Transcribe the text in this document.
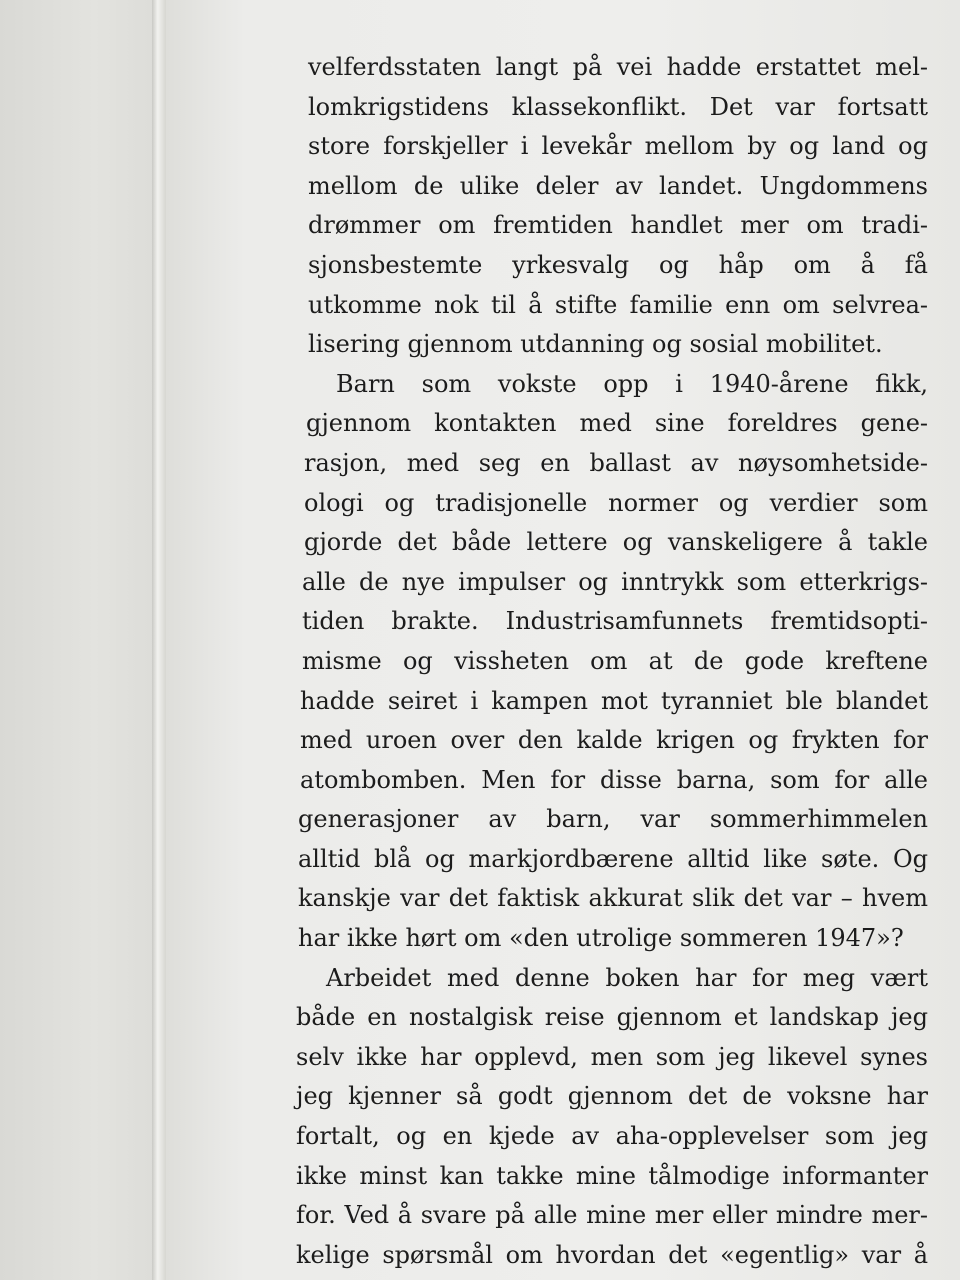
velferdsstaten langt på vei hadde erstattet mel-
lomkrigstidens klassekonflikt. Det var fortsatt
store forskjeller i levekår mellom by og land og
mellom de ulike deler av landet. Ungdommens
drømmer om fremtiden handlet mer om tradi-
sjonsbestemte yrkesvalg og håp om å få
utkomme nok til å stifte familie enn om selvrea-
lisering gjennom utdanning og sosial mobilitet.
Barn som vokste opp i 1940-årene fikk,
gjennom kontakten med sine foreldres gene-
rasjon, med seg en ballast av nøysomhetside-
ologi og tradisjonelle normer og verdier som
gjorde det både lettere og vanskeligere å takle
alle de nye impulser og inntrykk som etterkrigs-
tiden brakte. Industrisamfunnets fremtidsopti-
misme og vissheten om at de gode kreftene
hadde seiret i kampen mot tyranniet ble blandet
med uroen over den kalde krigen og frykten for
atombomben. Men for disse barna, som for alle
generasjoner av barn, var sommerhimmelen
alltid blå og markjordbærene alltid like søte. Og
kanskje var det faktisk akkurat slik det var – hvem
har ikke hørt om «den utrolige sommeren 1947»?
Arbeidet med denne boken har for meg vært
både en nostalgisk reise gjennom et landskap jeg
selv ikke har opplevd, men som jeg likevel synes
jeg kjenner så godt gjennom det de voksne har
fortalt, og en kjede av aha-opplevelser som jeg
ikke minst kan takke mine tålmodige informanter
for. Ved å svare på alle mine mer eller mindre mer-
kelige spørsmål om hvordan det «egentlig» var å
